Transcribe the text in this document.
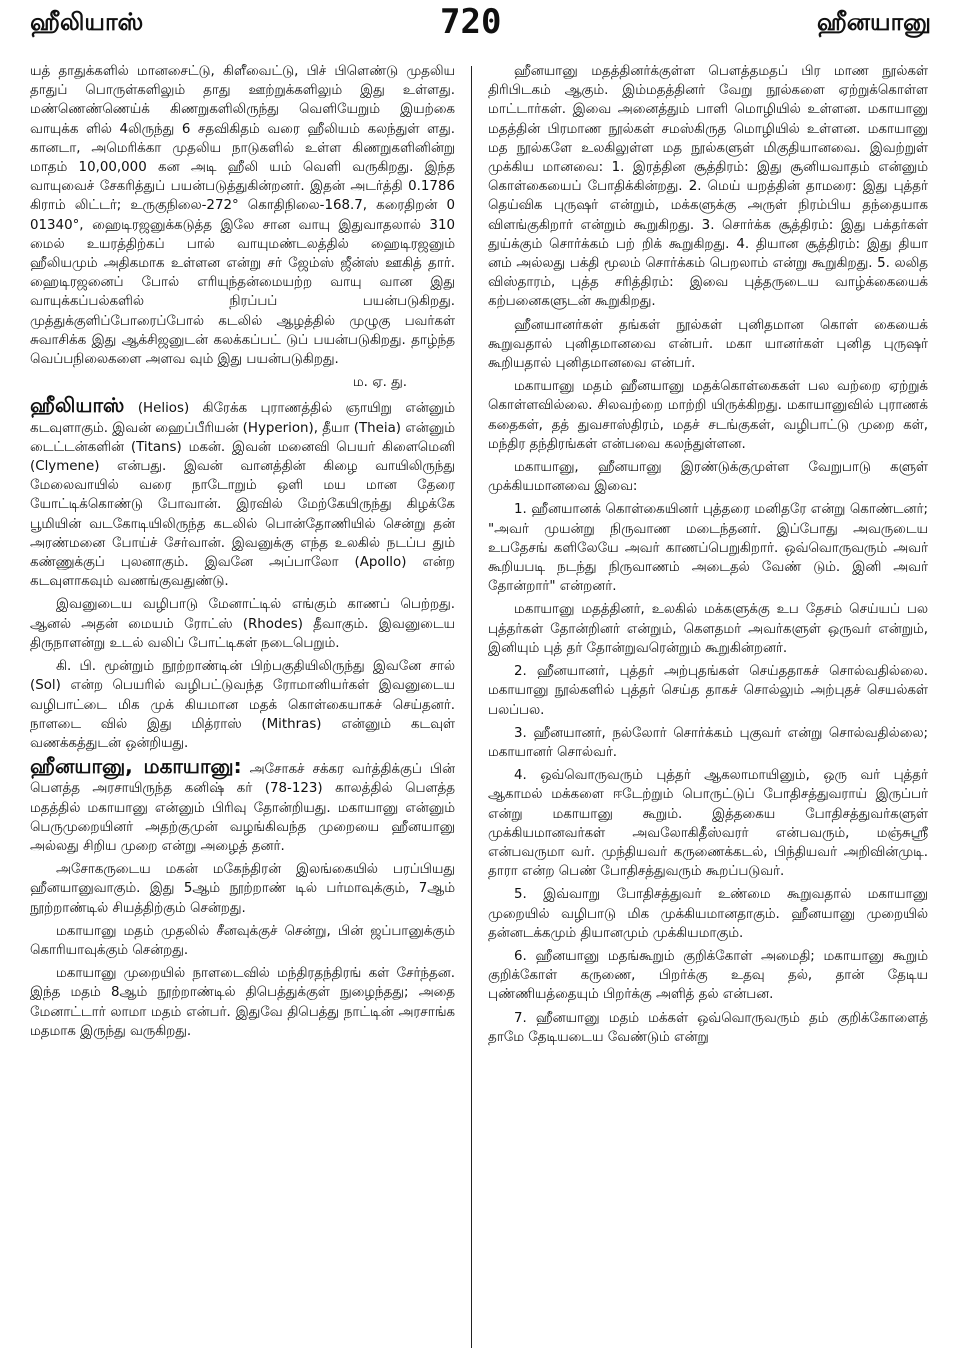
ஹீலியாஸ்	720	ஹீனயானு

யத் தாதுக்களில் மானசைட்டு, கிளீவைட்டு, பிச் பிளெண்டு முதலிய தாதுப் பொருள்களிலும் தாது ஊற்றுக்களிலும் இது உள்ளது. மண்ணெண்ணெய்க் கிணறுகளிலிருந்து வெளியேறும் இயற்கை வாயுக்க ளில் 4லிருந்து 6 சதவிகிதம் வரை ஹீலியம் கலந்துள் ளது. கானடா, அமெரிக்கா முதலிய நாடுகளில் உள்ள கிணறுகளினின்று மாதம் 10,00,000 கன அடி ஹீலி யம் வெளி வருகிறது. இந்த வாயுவைச் சேகரித்துப் பயன்படுத்துகின்றனர். இதன் அடர்த்தி 0.1786 கிராம் லிட்டர்; உருகுநிலை-272° கொதிநிலை-168.7, கரைதிறன் 0 01340°, ஹைடிரஜனுக்கடுத்த இலே சான வாயு இதுவாதலால் 310 மைல் உயரத்திற்கப் பால் வாயுமண்டலத்தில் ஹைடிரஜனும் ஹீலியமும் அதிகமாக உள்ளன என்று சர் ஜேம்ஸ் ஜீன்ஸ் ஊகித் தார். ஹைடிரஜனைப் போல் எரியுந்தன்மையற்ற வாயு வான இது வாயுக்கப்பல்களில் நிரப்பப் பயன்படுகிறது. முத்துக்குளிப்போரைப்போல் கடலில் ஆழத்தில் முழுகு பவர்கள் சுவாசிக்க இது ஆக்சிஜனுடன் கலக்கப்பட் டுப் பயன்படுகிறது. தாழ்ந்த வெப்பநிலைகளை அளவ வும் இது பயன்படுகிறது.

ம. ஏ. து.

ஹீலியாஸ் (Helios) கிரேக்க புராணத்தில் ஞாயிறு என்னும் கடவுளாகும். இவன் ஹைப்பீரியன் (Hyperion), தீயா (Theia) என்னும் டைட்டன்களின் (Titans) மகன். இவன் மனைவி பெயர் கிளைமெனி (Clymene) என்பது. இவன் வானத்தின் கிழை வாயிலிருந்து மேலைவாயில் வரை நாடோறும் ஒளி மய மான தேரை யோட்டிக்கொண்டு போவான். இரவில் மேற்கேயிருந்து கிழக்கே பூமியின் வடகோடியிலிருந்த கடலில் பொன்தோணியில் சென்று தன் அரண்மனை போய்ச் சேர்வான். இவனுக்கு எந்த உலகில் நடப்ப தும் கண்ணுக்குப் புலனாகும். இவனே அப்பாலோ (Apollo) என்ற கடவுளாகவும் வணங்குவதுண்டு.

இவனுடைய வழிபாடு மேனாட்டில் எங்கும் காணப் பெற்றது. ஆனல் அதன் மையம் ரோட்ஸ் (Rhodes) தீவாகும். இவனுடைய திருநாளன்று உடல் வலிப் போட்டிகள் நடைபெறும்.

கி. பி. மூன்றும் நூற்றாண்டின் பிற்பகுதியிலிருந்து இவனே சால் (Sol) என்ற பெயரில் வழிபட்டுவந்த ரோமானியர்கள் இவனுடைய வழிபாட்டை மிக முக் கியமான மதக் கொள்கையாகச் செய்தனர். நாளடை வில் இது மித்ராஸ் (Mithras) என்னும் கடவுள் வணக்கத்துடன் ஒன்றியது.

ஹீனயானு, மகாயானு: அசோகச் சக்கர வர்த்திக்குப் பின் பௌத்த அரசாயிருந்த கனிஷ் கர் (78-123) காலத்தில் பௌத்த மதத்தில் மகாயானு என்னும் பிரிவு தோன்றியது. மகாயானு என்னும் பெருமுறையினர் அதற்குமுன் வழங்கிவந்த முறையை ஹீனயானு அல்லது சிறிய முறை என்று அழைத் தனர்.

அசோகருடைய மகன் மகேந்திரன் இலங்கையில் பரப்பியது ஹீனயானுவாகும். இது 5ஆம் நூற்றாண் டில் பர்மாவுக்கும், 7ஆம் நூற்றாண்டில் சியத்திற்கும் சென்றது.

மகாயானு மதம் முதலில் சீனவுக்குச் சென்று, பின் ஜப்பானுக்கும் கொரியாவுக்கும் சென்றது.

மகாயானு முறையில் நாளடைவில் மந்திரதந்திரங் கள் சேர்ந்தன. இந்த மதம் 8ஆம் நூற்றாண்டில் திபெத்துக்குள் நுழைந்தது; அதை மேனாட்டார் லாமா மதம் என்பர். இதுவே திபெத்து நாட்டின் அரசாங்க மதமாக இருந்து வருகிறது.

ஹீனயானு மதத்தினர்க்குள்ள பௌத்தமதப் பிர மாண நூல்கள் திரிபிடகம் ஆகும். இம்மதத்தினர் வேறு நூல்களை ஏற்றுக்கொள்ள மாட்டார்கள். இவை அனைத்தும் பாளி மொழியில் உள்ளன. மகாயானு மதத்தின் பிரமாண நூல்கள் சமஸ்கிருத மொழியில் உள்ளன. மகாயானு மத நூல்களே உலகிலுள்ள மத நூல்களுள் மிகுதியானவை. இவற்றுள் முக்கிய மானவை: 1. இரத்தின சூத்திரம்: இது சூனியவாதம் என்னும் கொள்கையைப் போதிக்கின்றது. 2. மெய் யறத்தின் தாமரை: இது புத்தர் தெய்விக புருஷர் என்றும், மக்களுக்கு அருள் நிரம்பிய தந்தையாக விளங்குகிறார் என்றும் கூறுகிறது. 3. சொர்க்க சூத்திரம்: இது பக்தர்கள் துய்க்கும் சொர்க்கம் பற் றிக் கூறுகிறது. 4. தியான சூத்திரம்: இது தியா னம் அல்லது பக்தி மூலம் சொர்க்கம் பெறலாம் என்று கூறுகிறது. 5. லலித விஸ்தாரம், புத்த சரித்திரம்: இவை புத்தருடைய வாழ்க்கையைக் கற்பனைகளுடன் கூறுகிறது.

ஹீனயானர்கள் தங்கள் நூல்கள் புனிதமான கொள் கையைக் கூறுவதால் புனிதமானவை என்பர். மகா யானர்கள் புனித புருஷர் கூறியதால் புனிதமானவை என்பர்.

மகாயானு மதம் ஹீனயானு மதக்கொள்கைகள் பல வற்றை ஏற்றுக் கொள்ளவில்லை. சிலவற்றை மாற்றி யிருக்கிறது. மகாயானுவில் புராணக் கதைகள், தத் துவசாஸ்திரம், மதச் சடங்குகள், வழிபாட்டு முறை கள், மந்திர தந்திரங்கள் என்பவை கலந்துள்ளன.

மகாயானு, ஹீனயானு இரண்டுக்குமுள்ள வேறுபாடு களுள் முக்கியமானவை இவை:

1. ஹீனயானக் கொள்கையினர் புத்தரை மனிதரே என்று கொண்டனர்; "அவர் முயன்று நிருவாண மடைந்தனர். இப்போது அவருடைய உபதேசங் களிலேயே அவர் காணப்பெறுகிறார். ஒவ்வொருவரும் அவர் கூறியபடி நடந்து நிருவாணம் அடைதல் வேண் டும். இனி அவர் தோன்றார்" என்றனர்.

மகாயானு மதத்தினர், உலகில் மக்களுக்கு உப தேசம் செய்யப் பல புத்தர்கள் தோன்றினர் என்றும், கௌதமர் அவர்களுள் ஒருவர் என்றும், இனியும் புத் தர் தோன்றுவரென்றும் கூறுகின்றனர்.

2. ஹீனயானர், புத்தர் அற்புதங்கள் செய்ததாகச் சொல்வதில்லை. மகாயானு நூல்களில் புத்தர் செய்த தாகச் சொல்லும் அற்புதச் செயல்கள் பலப்பல.

3. ஹீனயானர், நல்லோர் சொர்க்கம் புகுவர் என்று சொல்வதில்லை; மகாயானர் சொல்வர்.

4. ஒவ்வொருவரும் புத்தர் ஆகலாமாயினும், ஒரு வர் புத்தர் ஆகாமல் மக்களை ஈடேற்றும் பொருட்டுப் போதிசத்துவராய் இருப்பர் என்று மகாயானு கூறும். இத்தகைய போதிசத்துவர்களுள் முக்கியமானவர்கள் அவலோகிதீஸ்வரர் என்பவரும், மஞ்சுஸ்ரீ என்பவருமா வர். முந்தியவர் கருணைக்கடல், பிந்தியவர் அறிவின்முடி. தாரா என்ற பெண் போதிசத்துவரும் கூறப்படுவர்.

5. இவ்வாறு போதிசத்துவர் உண்மை கூறுவதால் மகாயானு முறையில் வழிபாடு மிக முக்கியமானதாகும். ஹீனயானு முறையில் தன்னடக்கமும் தியானமும் முக்கியமாகும்.

6. ஹீனயானு மதங்கூறும் குறிக்கோள் அமைதி; மகாயானு கூறும் குறிக்கோள் கருணை, பிறர்க்கு உதவு தல், தான் தேடிய புண்ணியத்தையும் பிறர்க்கு அளித் தல் என்பன.

7. ஹீனயானு மதம் மக்கள் ஒவ்வொருவரும் தம் குறிக்கோளைத் தாமே தேடியடைய வேண்டும் என்று
